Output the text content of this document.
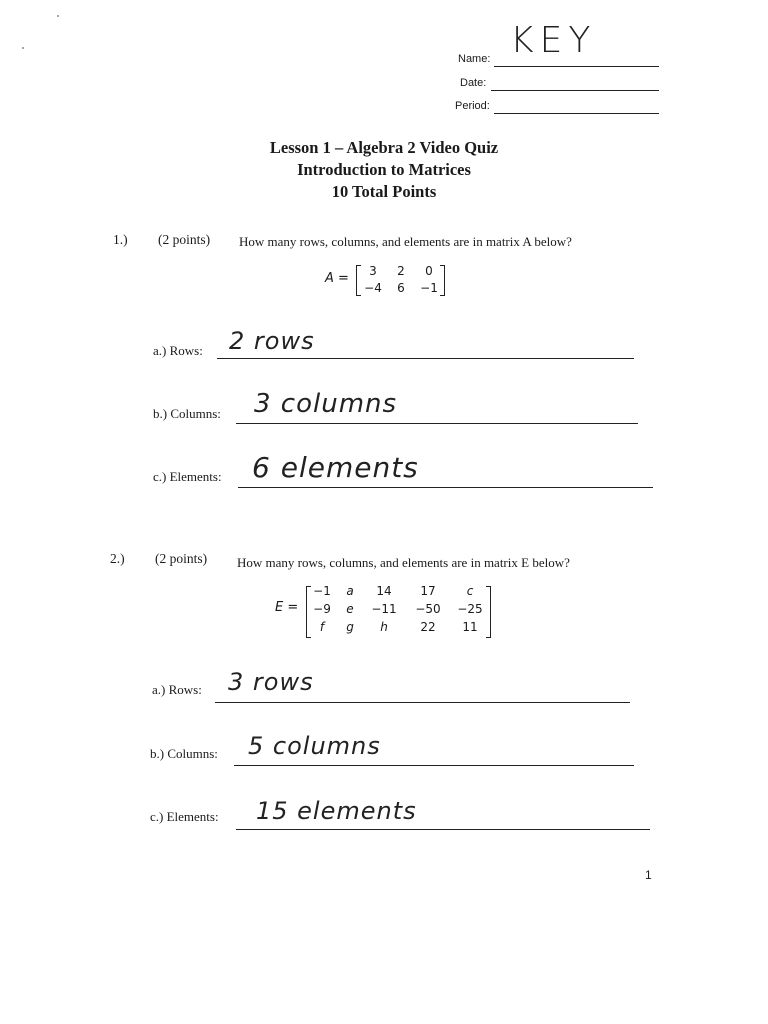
Name: KEY
Date:
Period:
Lesson 1 – Algebra 2 Video Quiz
Introduction to Matrices
10 Total Points
1.) (2 points) How many rows, columns, and elements are in matrix A below?
A =	3	2	0
−4	6	−1
a.) Rows: 2 rows
b.) Columns: 3 columns
c.) Elements: 6 elements
2.) (2 points) How many rows, columns, and elements are in matrix E below?
E =
−1	a	14	17	c
−9	e	−11	−50	−25
f	g	h	22	11
a.) Rows: 3 rows
b.) Columns: 5 columns
c.) Elements: 15 elements
1
